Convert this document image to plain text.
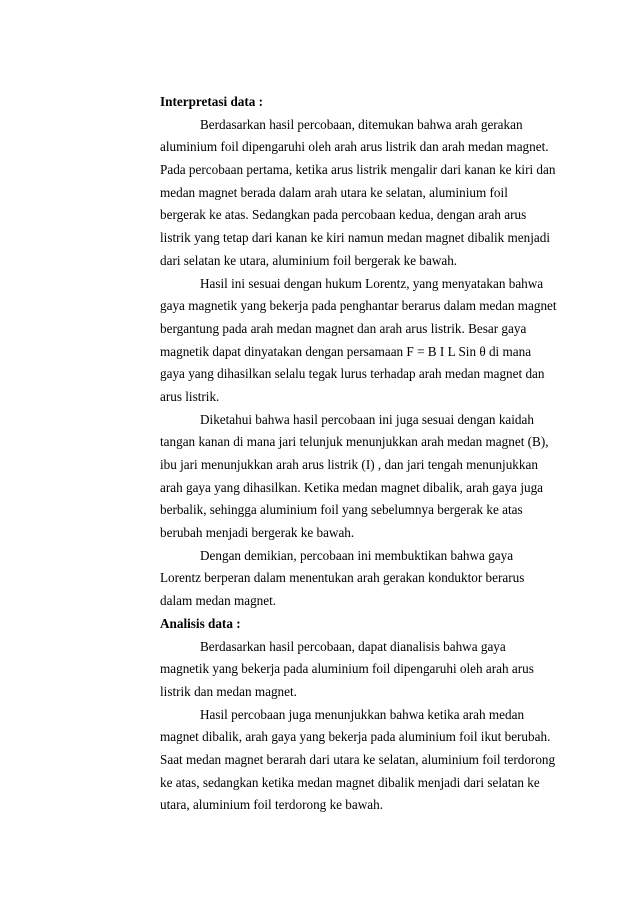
Interpretasi data :
Berdasarkan hasil percobaan, ditemukan bahwa arah gerakan
aluminium foil dipengaruhi oleh arah arus listrik dan arah medan magnet.
Pada percobaan pertama, ketika arus listrik mengalir dari kanan ke kiri dan
medan magnet berada dalam arah utara ke selatan, aluminium foil
bergerak ke atas. Sedangkan pada percobaan kedua, dengan arah arus
listrik yang tetap dari kanan ke kiri namun medan magnet dibalik menjadi
dari selatan ke utara, aluminium foil bergerak ke bawah.
Hasil ini sesuai dengan hukum Lorentz, yang menyatakan bahwa
gaya magnetik yang bekerja pada penghantar berarus dalam medan magnet
bergantung pada arah medan magnet dan arah arus listrik. Besar gaya
magnetik dapat dinyatakan dengan persamaan F = B I L Sin θ di mana
gaya yang dihasilkan selalu tegak lurus terhadap arah medan magnet dan
arus listrik.
Diketahui bahwa hasil percobaan ini juga sesuai dengan kaidah
tangan kanan di mana jari telunjuk menunjukkan arah medan magnet (B),
ibu jari menunjukkan arah arus listrik (I) , dan jari tengah menunjukkan
arah gaya yang dihasilkan. Ketika medan magnet dibalik, arah gaya juga
berbalik, sehingga aluminium foil yang sebelumnya bergerak ke atas
berubah menjadi bergerak ke bawah.
Dengan demikian, percobaan ini membuktikan bahwa gaya
Lorentz berperan dalam menentukan arah gerakan konduktor berarus
dalam medan magnet.
Analisis data :
Berdasarkan hasil percobaan, dapat dianalisis bahwa gaya
magnetik yang bekerja pada aluminium foil dipengaruhi oleh arah arus
listrik dan medan magnet.
Hasil percobaan juga menunjukkan bahwa ketika arah medan
magnet dibalik, arah gaya yang bekerja pada aluminium foil ikut berubah.
Saat medan magnet berarah dari utara ke selatan, aluminium foil terdorong
ke atas, sedangkan ketika medan magnet dibalik menjadi dari selatan ke
utara, aluminium foil terdorong ke bawah.
